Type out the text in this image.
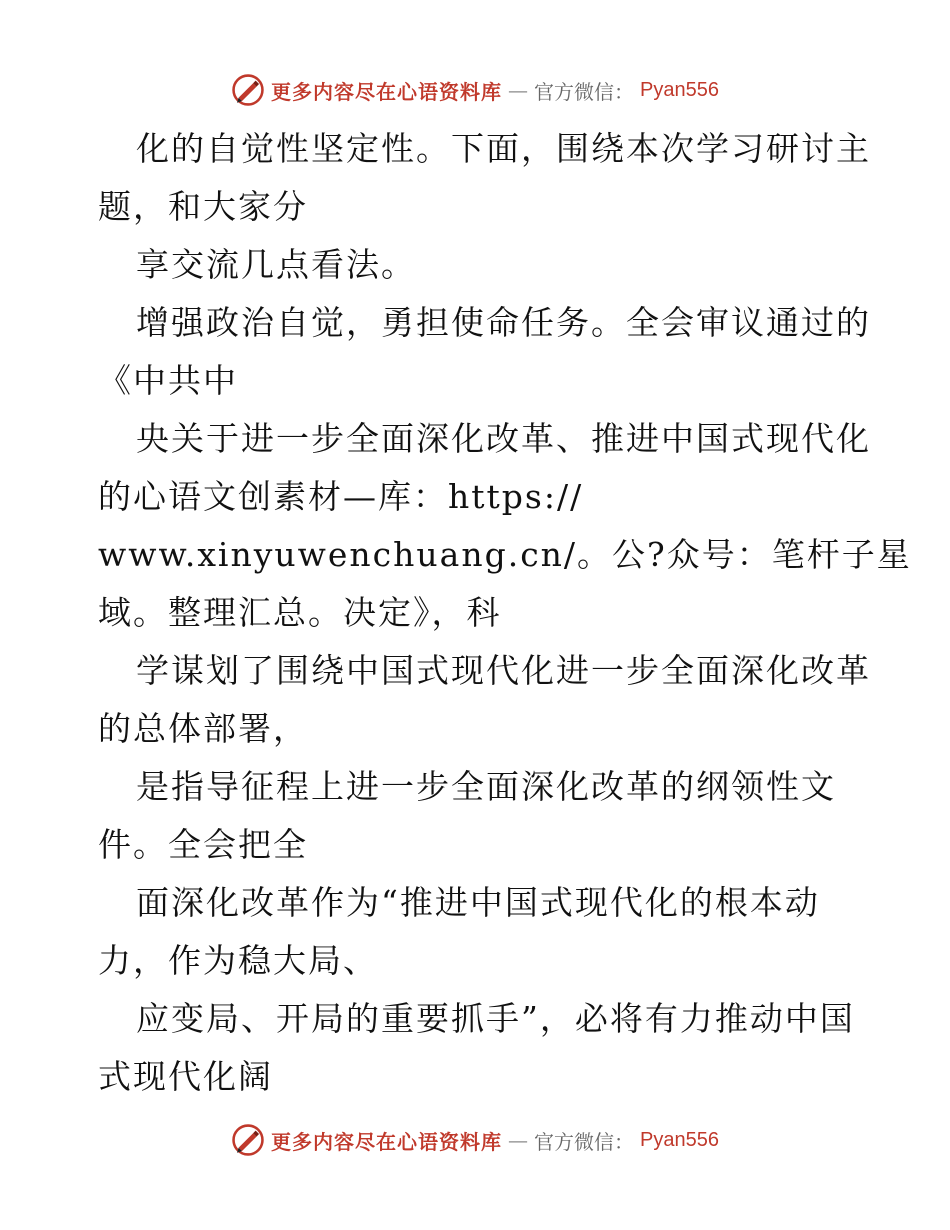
更多内容尽在心语资料库 — 官方微信： Pyan556

化的自觉性坚定性。下面，围绕本次学习研讨主

题，和大家分

享交流几点看法。

增强政治自觉，勇担使命任务。全会审议通过的

《中共中

央关于进一步全面深化改革、推进中国式现代化

的心语文创素材—库：https://

www.xinyuwenchuang.cn/。公?众号：笔杆子星

域。整理汇总。决定》，科

学谋划了围绕中国式现代化进一步全面深化改革

的总体部署，

是指导征程上进一步全面深化改革的纲领性文

件。全会把全

面深化改革作为“推进中国式现代化的根本动

力，作为稳大局、

应变局、开局的重要抓手”，必将有力推动中国

式现代化阔

更多内容尽在心语资料库 — 官方微信： Pyan556
